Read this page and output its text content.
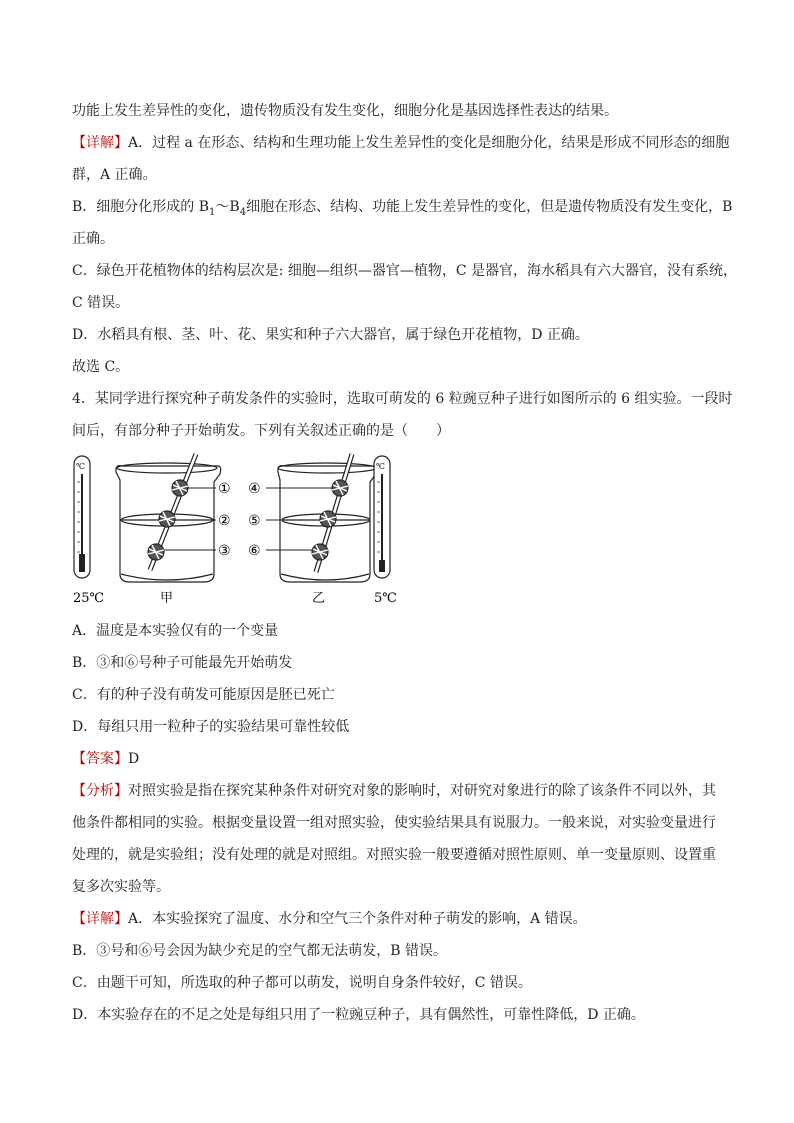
功能上发生差异性的变化，遗传物质没有发生变化，细胞分化是基因选择性表达的结果。

【详解】A．过程 a 在形态、结构和生理功能上发生差异性的变化是细胞分化，结果是形成不同形态的细胞

群，A 正确。

B．细胞分化形成的 $B_1\sim B_4$细胞在形态、结构、功能上发生差异性的变化，但是遗传物质没有发生变化，B

正确。

C．绿色开花植物体的结构层次是: 细胞—组织—器官—植物，C 是器官，海水稻具有六大器官，没有系统，

C 错误。

D．水稻具有根、茎、叶、花、果实和种子六大器官，属于绿色开花植物，D 正确。

故选 C。

4．某同学进行探究种子萌发条件的实验时，选取可萌发的 6 粒豌豆种子进行如图所示的 6 组实验。一段时

间后，有部分种子开始萌发。下列有关叙述正确的是（　　）

℃
25℃
①
②
③
甲
④
⑤
⑥
乙
℃
5℃

A．温度是本实验仅有的一个变量

B．③和⑥号种子可能最先开始萌发

C．有的种子没有萌发可能原因是胚已死亡

D．每组只用一粒种子的实验结果可靠性较低

【答案】D

【分析】对照实验是指在探究某种条件对研究对象的影响时，对研究对象进行的除了该条件不同以外，其

他条件都相同的实验。根据变量设置一组对照实验，使实验结果具有说服力。一般来说，对实验变量进行

处理的，就是实验组；没有处理的就是对照组。对照实验一般要遵循对照性原则、单一变量原则、设置重

复多次实验等。

【详解】A．本实验探究了温度、水分和空气三个条件对种子萌发的影响，A 错误。

B．③号和⑥号会因为缺少充足的空气都无法萌发，B 错误。

C．由题干可知，所选取的种子都可以萌发，说明自身条件较好，C 错误。

D．本实验存在的不足之处是每组只用了一粒豌豆种子，具有偶然性，可靠性降低，D 正确。
